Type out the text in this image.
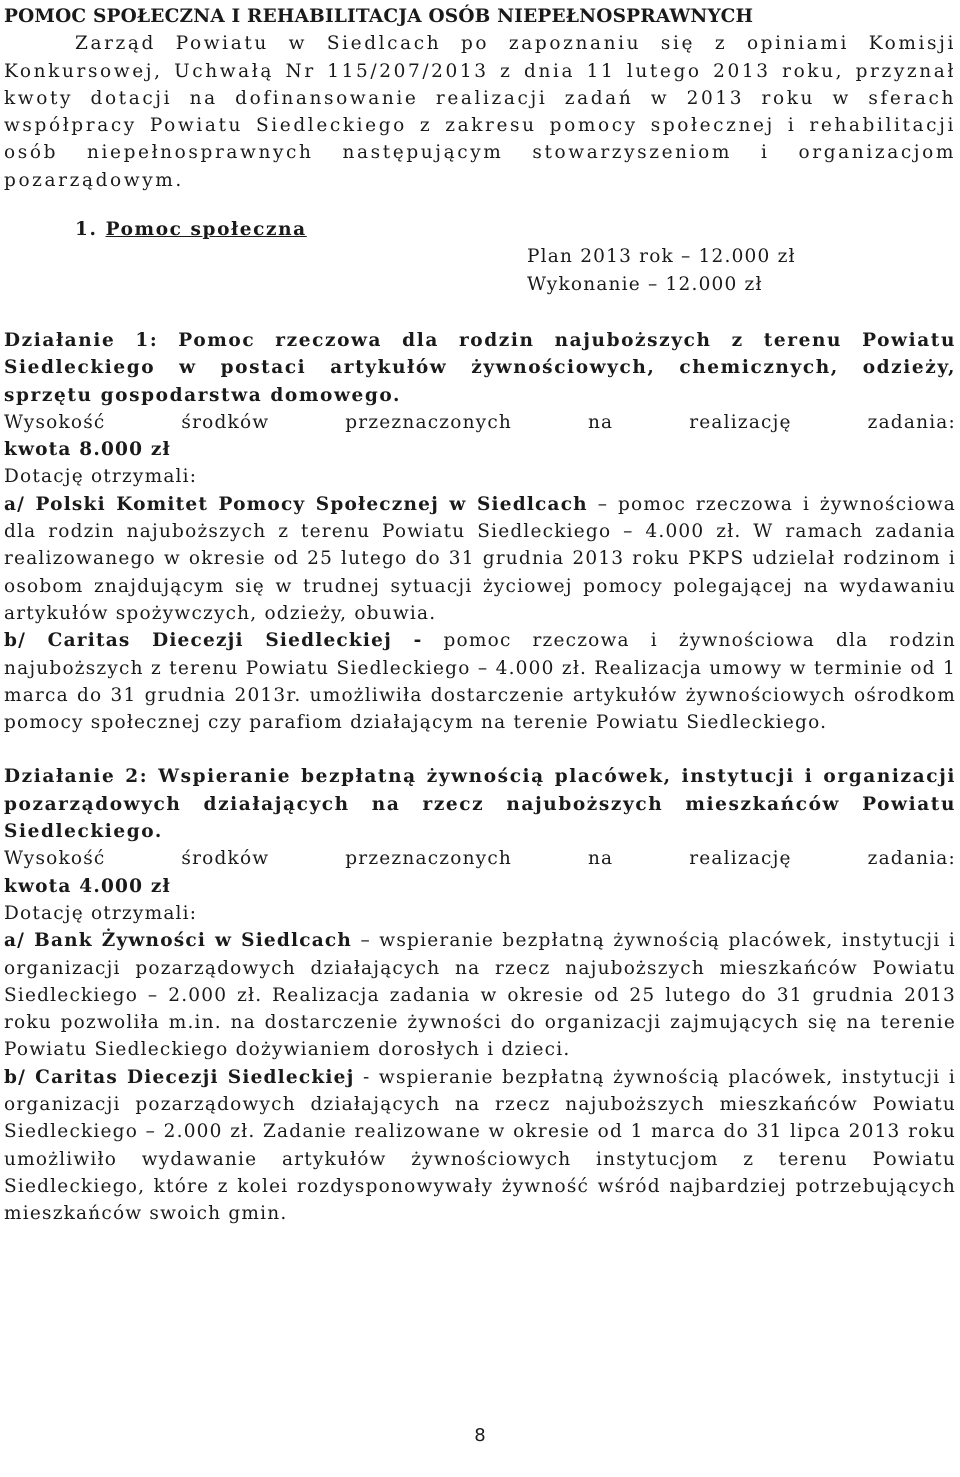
POMOC SPOŁECZNA I REHABILITACJA OSÓB NIEPEŁNOSPRAWNYCH

Zarząd Powiatu w Siedlcach po zapoznaniu się z opiniami Komisji Konkursowej, Uchwałą Nr 115/207/2013 z dnia 11 lutego 2013 roku, przyznał kwoty dotacji na dofinansowanie realizacji zadań w 2013 roku w sferach współpracy Powiatu Siedleckiego z zakresu pomocy społecznej i rehabilitacji osób niepełnosprawnych następującym stowarzyszeniom i organizacjom pozarządowym.

1. Pomoc społeczna

Plan 2013 rok – 12.000 zł

Wykonanie – 12.000 zł

Działanie 1: Pomoc rzeczowa dla rodzin najuboższych z terenu Powiatu Siedleckiego w postaci artykułów żywnościowych, chemicznych, odzieży, sprzętu gospodarstwa domowego.

Wysokość	środków	przeznaczonych	na	realizację	zadania:

kwota 8.000 zł

Dotację otrzymali:

a/ Polski Komitet Pomocy Społecznej w Siedlcach – pomoc rzeczowa i żywnościowa dla rodzin najuboższych z terenu Powiatu Siedleckiego – 4.000 zł. W ramach zadania realizowanego w okresie od 25 lutego do 31 grudnia 2013 roku PKPS udzielał rodzinom i osobom znajdującym się w trudnej sytuacji życiowej pomocy polegającej na wydawaniu artykułów spożywczych, odzieży, obuwia.

b/ Caritas Diecezji Siedleckiej - pomoc rzeczowa i żywnościowa dla rodzin najuboższych z terenu Powiatu Siedleckiego – 4.000 zł. Realizacja umowy w terminie od 1 marca do 31 grudnia 2013r. umożliwiła dostarczenie artykułów żywnościowych ośrodkom pomocy społecznej czy parafiom działającym na terenie Powiatu Siedleckiego.

Działanie 2: Wspieranie bezpłatną żywnością placówek, instytucji i organizacji pozarządowych działających na rzecz najuboższych mieszkańców Powiatu Siedleckiego.

Wysokość	środków	przeznaczonych	na	realizację	zadania:

kwota 4.000 zł

Dotację otrzymali:

a/ Bank Żywności w Siedlcach – wspieranie bezpłatną żywnością placówek, instytucji i organizacji pozarządowych działających na rzecz najuboższych mieszkańców Powiatu Siedleckiego – 2.000 zł. Realizacja zadania w okresie od 25 lutego do 31 grudnia 2013 roku pozwoliła m.in. na dostarczenie żywności do organizacji zajmujących się na terenie Powiatu Siedleckiego dożywianiem dorosłych i dzieci.

b/ Caritas Diecezji Siedleckiej - wspieranie bezpłatną żywnością placówek, instytucji i organizacji pozarządowych działających na rzecz najuboższych mieszkańców Powiatu Siedleckiego – 2.000 zł. Zadanie realizowane w okresie od 1 marca do 31 lipca 2013 roku umożliwiło wydawanie artykułów żywnościowych instytucjom z terenu Powiatu Siedleckiego, które z kolei rozdysponowywały żywność wśród najbardziej potrzebujących mieszkańców swoich gmin.

8
